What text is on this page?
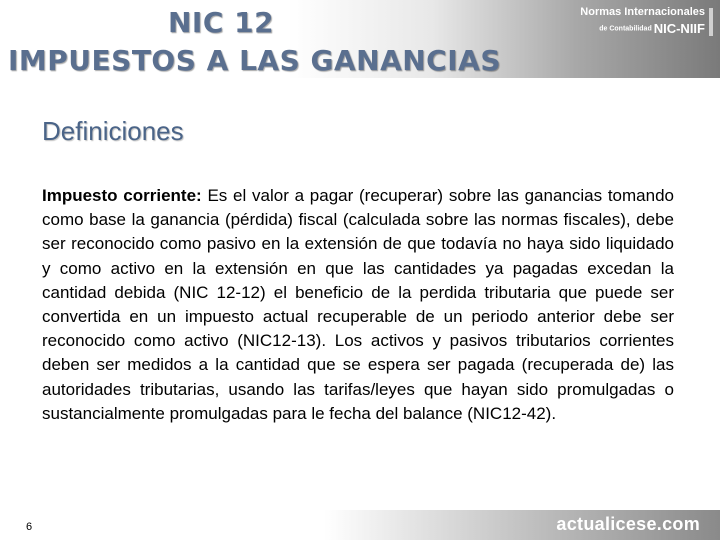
NIC 12
IMPUESTOS A LAS GANANCIAS
Normas Internacionales
de Contabilidad NIC-NIIF
Definiciones

Impuesto corriente: Es el valor a pagar (recuperar) sobre las ganancias tomando como base la ganancia (pérdida) fiscal (calculada sobre las normas fiscales), debe ser reconocido como pasivo en la extensión de que todavía no haya sido liquidado y como activo en la extensión en que las cantidades ya pagadas excedan la cantidad debida (NIC 12-12) el beneficio de la perdida tributaria que puede ser convertida en un impuesto actual recuperable de un periodo anterior debe ser reconocido como activo (NIC12-13). Los activos y pasivos tributarios corrientes deben ser medidos a la cantidad que se espera ser pagada (recuperada de) las autoridades tributarias, usando las tarifas/leyes que hayan sido promulgadas o sustancialmente promulgadas para le fecha del balance (NIC12-42).

6	actualicese.com
